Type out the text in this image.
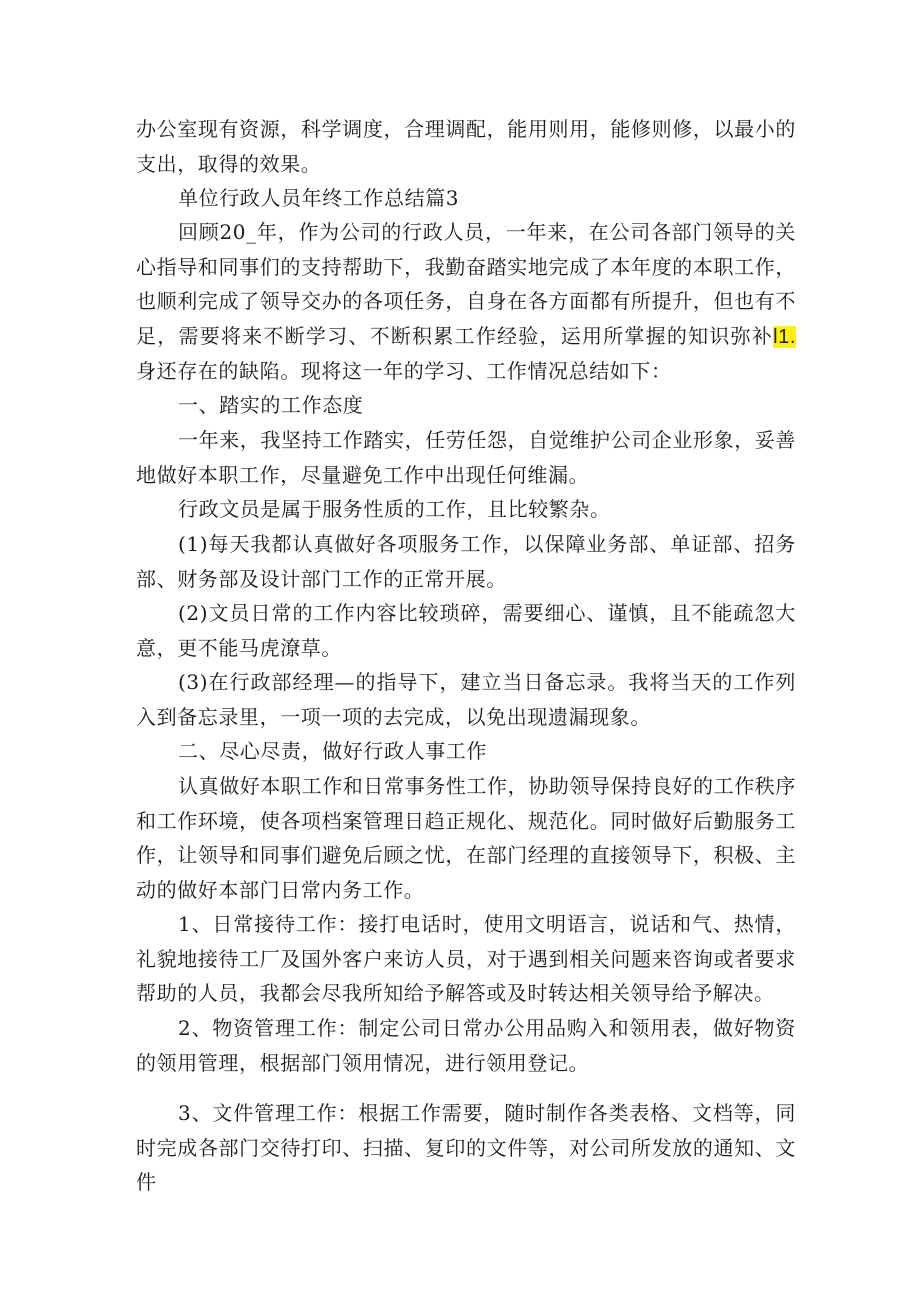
办公室现有资源，科学调度，合理调配，能用则用，能修则修，以最小的支出，取得的效果。

单位行政人员年终工作总结篇3

回顾20_年，作为公司的行政人员，一年来，在公司各部门领导的关心指导和同事们的支持帮助下，我勤奋踏实地完成了本年度的本职工作，也顺利完成了领导交办的各项任务，自身在各方面都有所提升，但也有不足，需要将来不断学习、不断积累工作经验，运用所掌握的知识弥补l1.身还存在的缺陷。现将这一年的学习、工作情况总结如下：

一、踏实的工作态度

一年来，我坚持工作踏实，任劳任怨，自觉维护公司企业形象，妥善地做好本职工作，尽量避免工作中出现任何维漏。

行政文员是属于服务性质的工作，且比较繁杂。

(1)每天我都认真做好各项服务工作，以保障业务部、单证部、招务部、财务部及设计部门工作的正常开展。

(2)文员日常的工作内容比较琐碎，需要细心、谨慎，且不能疏忽大意，更不能马虎潦草。

(3)在行政部经理—的指导下，建立当日备忘录。我将当天的工作列入到备忘录里，一项一项的去完成，以免出现遗漏现象。

二、尽心尽责，做好行政人事工作

认真做好本职工作和日常事务性工作，协助领导保持良好的工作秩序和工作环境，使各项档案管理日趋正规化、规范化。同时做好后勤服务工作，让领导和同事们避免后顾之忧，在部门经理的直接领导下，积极、主动的做好本部门日常内务工作。

1、日常接待工作：接打电话时，使用文明语言，说话和气、热情，礼貌地接待工厂及国外客户来访人员，对于遇到相关问题来咨询或者要求帮助的人员，我都会尽我所知给予解答或及时转达相关领导给予解决。

2、物资管理工作：制定公司日常办公用品购入和领用表，做好物资的领用管理，根据部门领用情况，进行领用登记。

3、文件管理工作：根据工作需要，随时制作各类表格、文档等，同时完成各部门交待打印、扫描、复印的文件等，对公司所发放的通知、文件
